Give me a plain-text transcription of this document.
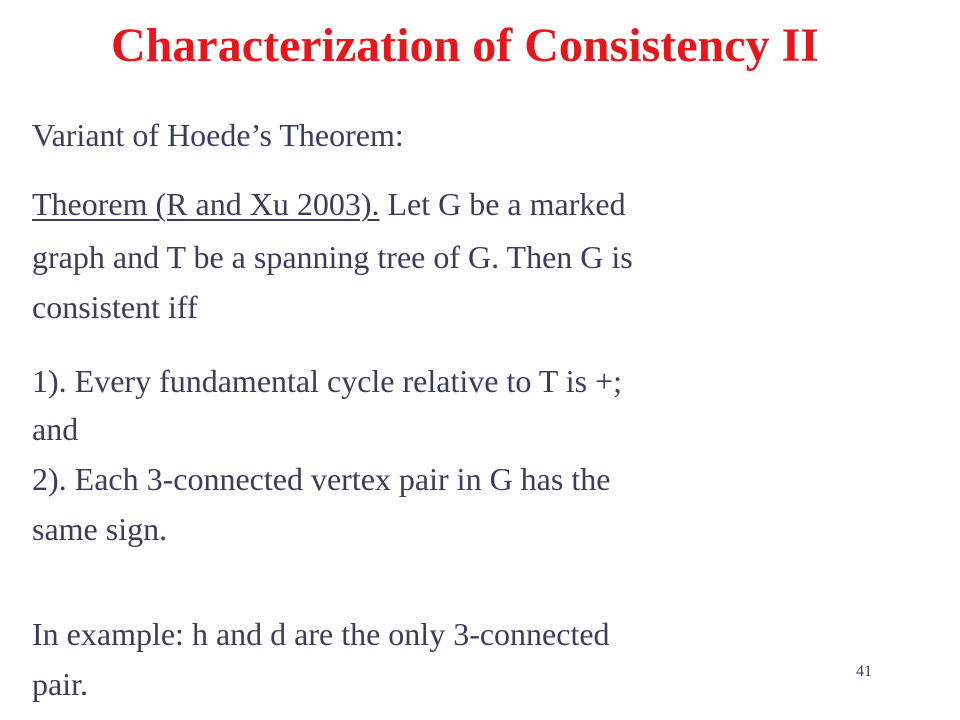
Characterization of Consistency II
Variant of Hoede’s Theorem:
Theorem (R and Xu 2003). Let G be a marked
graph and T be a spanning tree of G. Then G is
consistent iff
1). Every fundamental cycle relative to T is +;
and
2). Each 3-connected vertex pair in G has the
same sign.
In example: h and d are the only 3-connected
pair.	41
